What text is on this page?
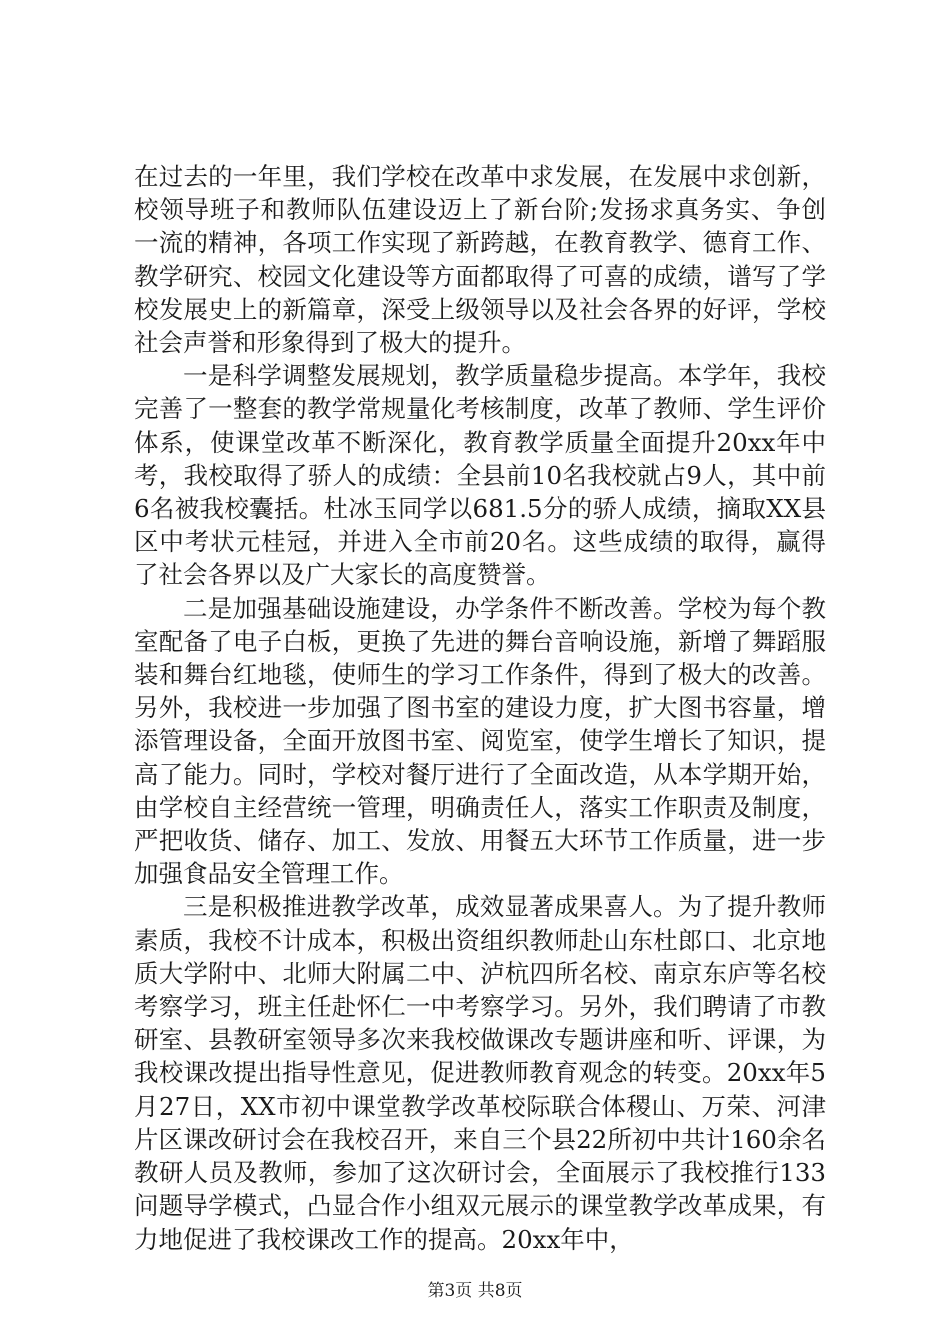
在过去的一年里，我们学校在改革中求发展，在发展中求创新，校领导班子和教师队伍建设迈上了新台阶;发扬求真务实、争创一流的精神，各项工作实现了新跨越，在教育教学、德育工作、教学研究、校园文化建设等方面都取得了可喜的成绩，谱写了学校发展史上的新篇章，深受上级领导以及社会各界的好评，学校社会声誉和形象得到了极大的提升。

一是科学调整发展规划，教学质量稳步提高。本学年，我校完善了一整套的教学常规量化考核制度，改革了教师、学生评价体系，使课堂改革不断深化，教育教学质量全面提升20xx年中考，我校取得了骄人的成绩：全县前10名我校就占9人，其中前6名被我校囊括。杜冰玉同学以681.5分的骄人成绩，摘取XX县区中考状元桂冠，并进入全市前20名。这些成绩的取得，赢得了社会各界以及广大家长的高度赞誉。

二是加强基础设施建设，办学条件不断改善。学校为每个教室配备了电子白板，更换了先进的舞台音响设施，新增了舞蹈服装和舞台红地毯，使师生的学习工作条件，得到了极大的改善。另外，我校进一步加强了图书室的建设力度，扩大图书容量，增添管理设备，全面开放图书室、阅览室，使学生增长了知识，提高了能力。同时，学校对餐厅进行了全面改造，从本学期开始，由学校自主经营统一管理，明确责任人，落实工作职责及制度，严把收货、储存、加工、发放、用餐五大环节工作质量，进一步加强食品安全管理工作。

三是积极推进教学改革，成效显著成果喜人。为了提升教师素质，我校不计成本，积极出资组织教师赴山东杜郎口、北京地质大学附中、北师大附属二中、泸杭四所名校、南京东庐等名校考察学习，班主任赴怀仁一中考察学习。另外，我们聘请了市教研室、县教研室领导多次来我校做课改专题讲座和听、评课，为我校课改提出指导性意见，促进教师教育观念的转变。20xx年5月27日，XX市初中课堂教学改革校际联合体稷山、万荣、河津片区课改研讨会在我校召开，来自三个县22所初中共计160余名教研人员及教师，参加了这次研讨会，全面展示了我校推行133问题导学模式，凸显合作小组双元展示的课堂教学改革成果，有力地促进了我校课改工作的提高。20xx年中，

第3页 共8页
